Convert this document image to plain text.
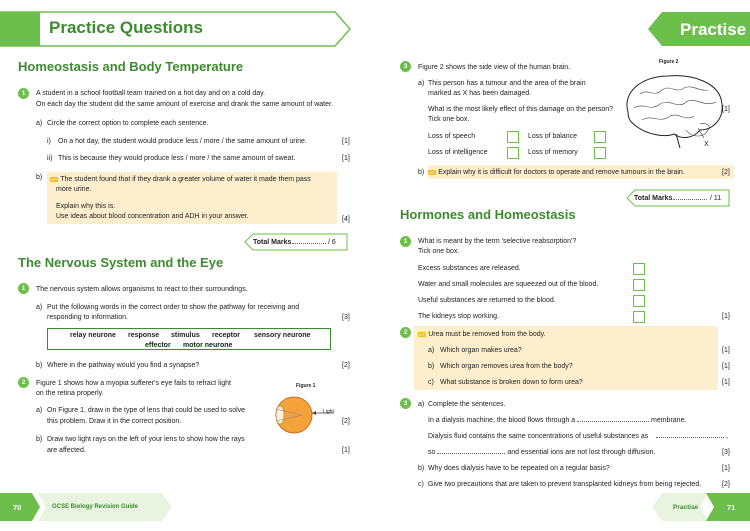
Practice Questions	Practise
Homeostasis and Body Temperature
1	A student in a school football team trained on a hot day and on a cold day.
On each day the student did the same amount of exercise and drank the same amount of water.
a) Circle the correct option to complete each sentence.
i) On a hot day, the student would produce less / more / the same amount of urine.	[1]
ii) This is because they would produce less / more / the same amount of sweat.	[1]
b) WT The student found that if they drank a greater volume of water it made them pass
more urine.
Explain why this is.
Use ideas about blood concentration and ADH in your answer.	[4]
Total Marks	/ 6
The Nervous System and the Eye
1	The nervous system allows organisms to react to their surroundings.
a) Put the following words in the correct order to show the pathway for receiving and
responding to information.	[3]
relay neurone response stimulus receptor sensory neurone
effector motor neurone
b) Where in the pathway would you find a synapse?	[2]
2	Figure 1 shows how a myopia sufferer's eye fails to refract light
on the retina properly.
Figure 1
Light
a) On Figure 1, draw in the type of lens that could be used to solve
this problem. Draw it in the correct position.	[2]
b) Draw two light rays on the left of your lens to show how the rays
are affected.	[1]
70	GCSE Biology Revision Guide
3	Figure 2 shows the side view of the human brain.
Figure 2
X
a) This person has a tumour and the area of the brain
marked as X has been damaged.
What is the most likely effect of this damage on the person?	[1]
Tick one box.
Loss of speech	Loss of balance
Loss of intelligence	Loss of memory
b) WT Explain why it is difficult for doctors to operate and remove tumours in the brain.	[2]
Total Marks	/ 11
Hormones and Homeostasis
1	What is meant by the term 'selective reabsorption'?
Tick one box.
Excess substances are released.
Water and small molecules are squeezed out of the blood.
Useful substances are returned to the blood.
The kidneys stop working.	[1]
2	WT Urea must be removed from the body.
a) Which organ makes urea?	[1]
b) Which organ removes urea from the body?	[1]
c) What substance is broken down to form urea?	[1]
3	a) Complete the sentences.
In a dialysis machine, the blood flows through a	membrane.
Dialysis fluid contains the same concentrations of useful substances as	,
so	and essential ions are not lost through diffusion.	[3]
b) Why does dialysis have to be repeated on a regular basis?	[1]
c) Give two precautions that are taken to prevent transplanted kidneys from being rejected.	[2]
Practise	71
